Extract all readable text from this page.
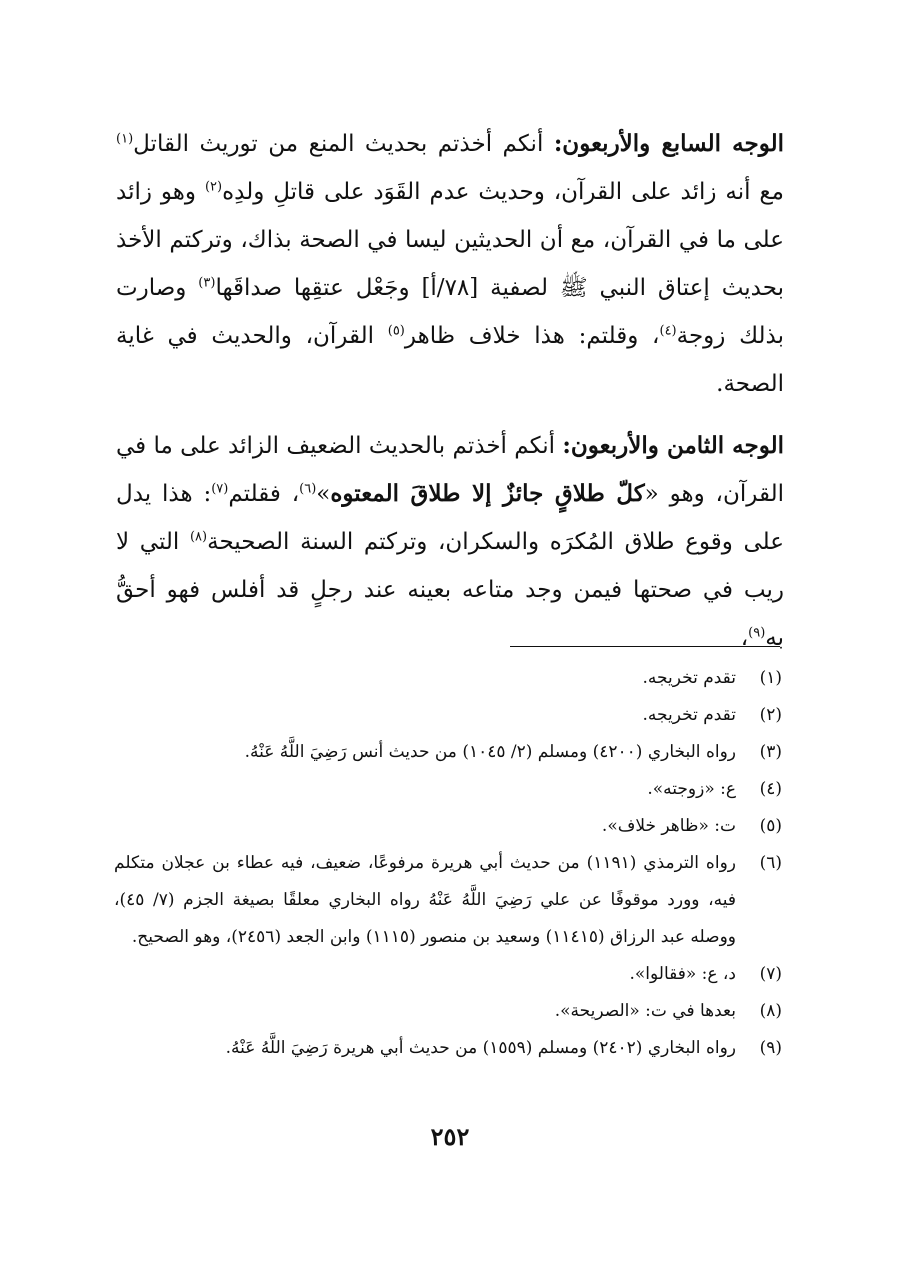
الوجه السابع والأربعون: أنكم أخذتم بحديث المنع من توريث القاتل$^{(١)}$ مع أنه زائد على القرآن، وحديث عدم القَوَد على قاتلِ ولدِه$^{(٢)}$ وهو زائد على ما في القرآن، مع أن الحديثين ليسا في الصحة بذاك، وتركتم الأخذ بحديث إعتاق النبي ﷺ لصفية [٧٨/أ] وجَعْل عتقِها صداقَها$^{(٣)}$ وصارت بذلك زوجة$^{(٤)}$، وقلتم: هذا خلاف ظاهر$^{(٥)}$ القرآن، والحديث في غاية الصحة.

الوجه الثامن والأربعون: أنكم أخذتم بالحديث الضعيف الزائد على ما في القرآن، وهو «كلّ طلاقٍ جائزٌ إلا طلاقَ المعتوه»$^{(٦)}$، فقلتم$^{(٧)}$: هذا يدل على وقوع طلاق المُكرَه والسكران، وتركتم السنة الصحيحة$^{(٨)}$ التي لا ريب في صحتها فيمن وجد متاعه بعينه عند رجلٍ قد أفلس فهو أحقُّ به$^{(٩)}$،

(١)
تقدم تخريجه.
(٢)
تقدم تخريجه.
(٣)
رواه البخاري (٤٢٠٠) ومسلم (٢/ ١٠٤٥) من حديث أنس رَضِيَ اللَّهُ عَنْهُ.
(٤)
ع: «زوجته».
(٥)
ت: «ظاهر خلاف».
(٦)
رواه الترمذي (١١٩١) من حديث أبي هريرة مرفوعًا، ضعيف، فيه عطاء بن عجلان متكلم فيه، وورد موقوفًا عن علي رَضِيَ اللَّهُ عَنْهُ رواه البخاري معلقًا بصيغة الجزم (٧/ ٤٥)، ووصله عبد الرزاق (١١٤١٥) وسعيد بن منصور (١١١٥) وابن الجعد (٢٤٥٦)، وهو الصحيح.
(٧)
د، ع: «فقالوا».
(٨)
بعدها في ت: «الصريحة».
(٩)
رواه البخاري (٢٤٠٢) ومسلم (١٥٥٩) من حديث أبي هريرة رَضِيَ اللَّهُ عَنْهُ.
٢٥٢
